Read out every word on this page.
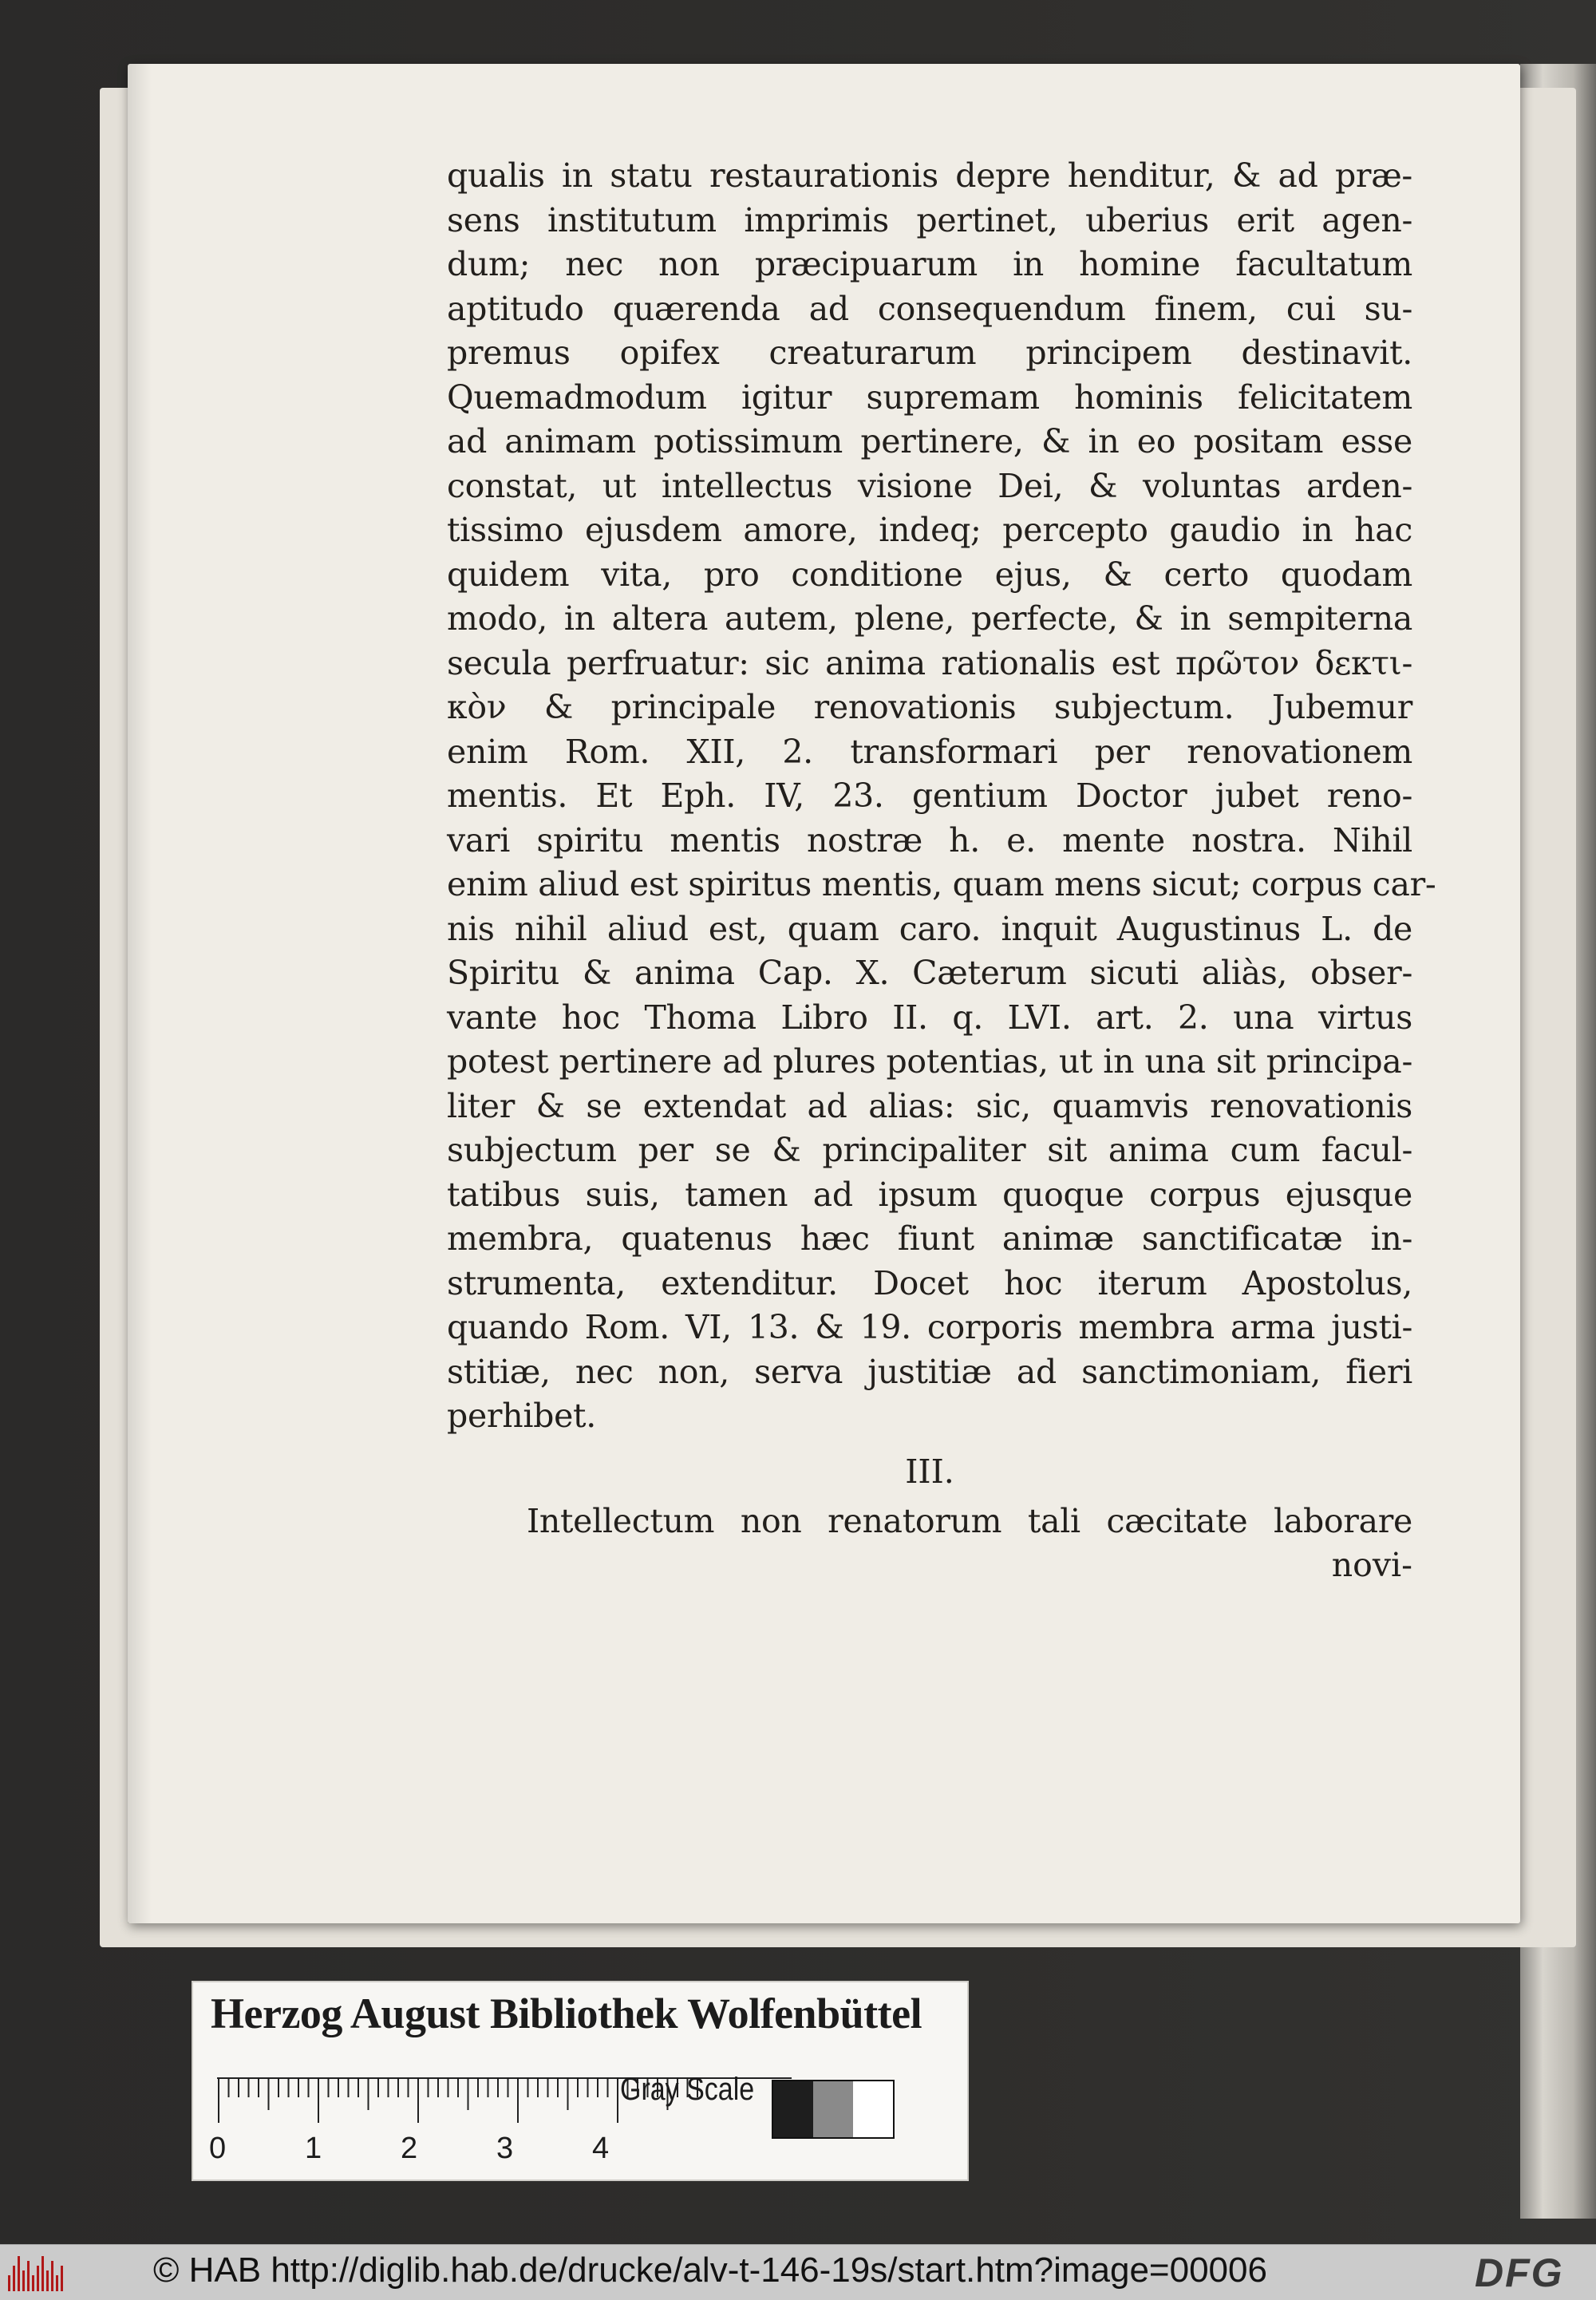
qualis in statu restaurationis depre henditur, & ad præ-
sens institutum imprimis pertinet, uberius erit agen-
dum; nec non præcipuarum in homine facultatum
aptitudo quærenda ad consequendum finem, cui su-
premus opifex creaturarum principem destinavit.
Quemadmodum igitur supremam hominis felicitatem
ad animam potissimum pertinere, & in eo positam esse
constat, ut intellectus visione Dei, & voluntas arden-
tissimo ejusdem amore, indeq; percepto gaudio in hac
quidem vita, pro conditione ejus, & certo quodam
modo, in altera autem, plene, perfecte, & in sempiterna
secula perfruatur: sic anima rationalis est πρῶτον δεκτι-
κὸν & principale renovationis subjectum. Jubemur
enim Rom. XII, 2. transformari per renovationem
mentis. Et Eph. IV, 23. gentium Doctor jubet reno-
vari spiritu mentis nostræ h. e. mente nostra. Nihil
enim aliud est spiritus mentis, quam mens sicut; corpus car-
nis nihil aliud est, quam caro. inquit Augustinus L. de
Spiritu & anima Cap. X. Cæterum sicuti aliàs, obser-
vante hoc Thoma Libro II. q. LVI. art. 2. una virtus
potest pertinere ad plures potentias, ut in una sit principa-
liter & se extendat ad alias: sic, quamvis renovationis
subjectum per se & principaliter sit anima cum facul-
tatibus suis, tamen ad ipsum quoque corpus ejusque
membra, quatenus hæc fiunt animæ sanctificatæ in-
strumenta, extenditur. Docet hoc iterum Apostolus,
quando Rom. VI, 13. & 19. corporis membra arma justi-
stitiæ, nec non, serva justitiæ ad sanctimoniam, fieri
perhibet.
III.
Intellectum non renatorum tali cæcitate laborare
novi-
Herzog August Bibliothek Wolfenbüttel
0	1	2	3	4
Gray Scale
© HAB http://diglib.hab.de/drucke/alv-t-146-19s/start.htm?image=00006	DFG
